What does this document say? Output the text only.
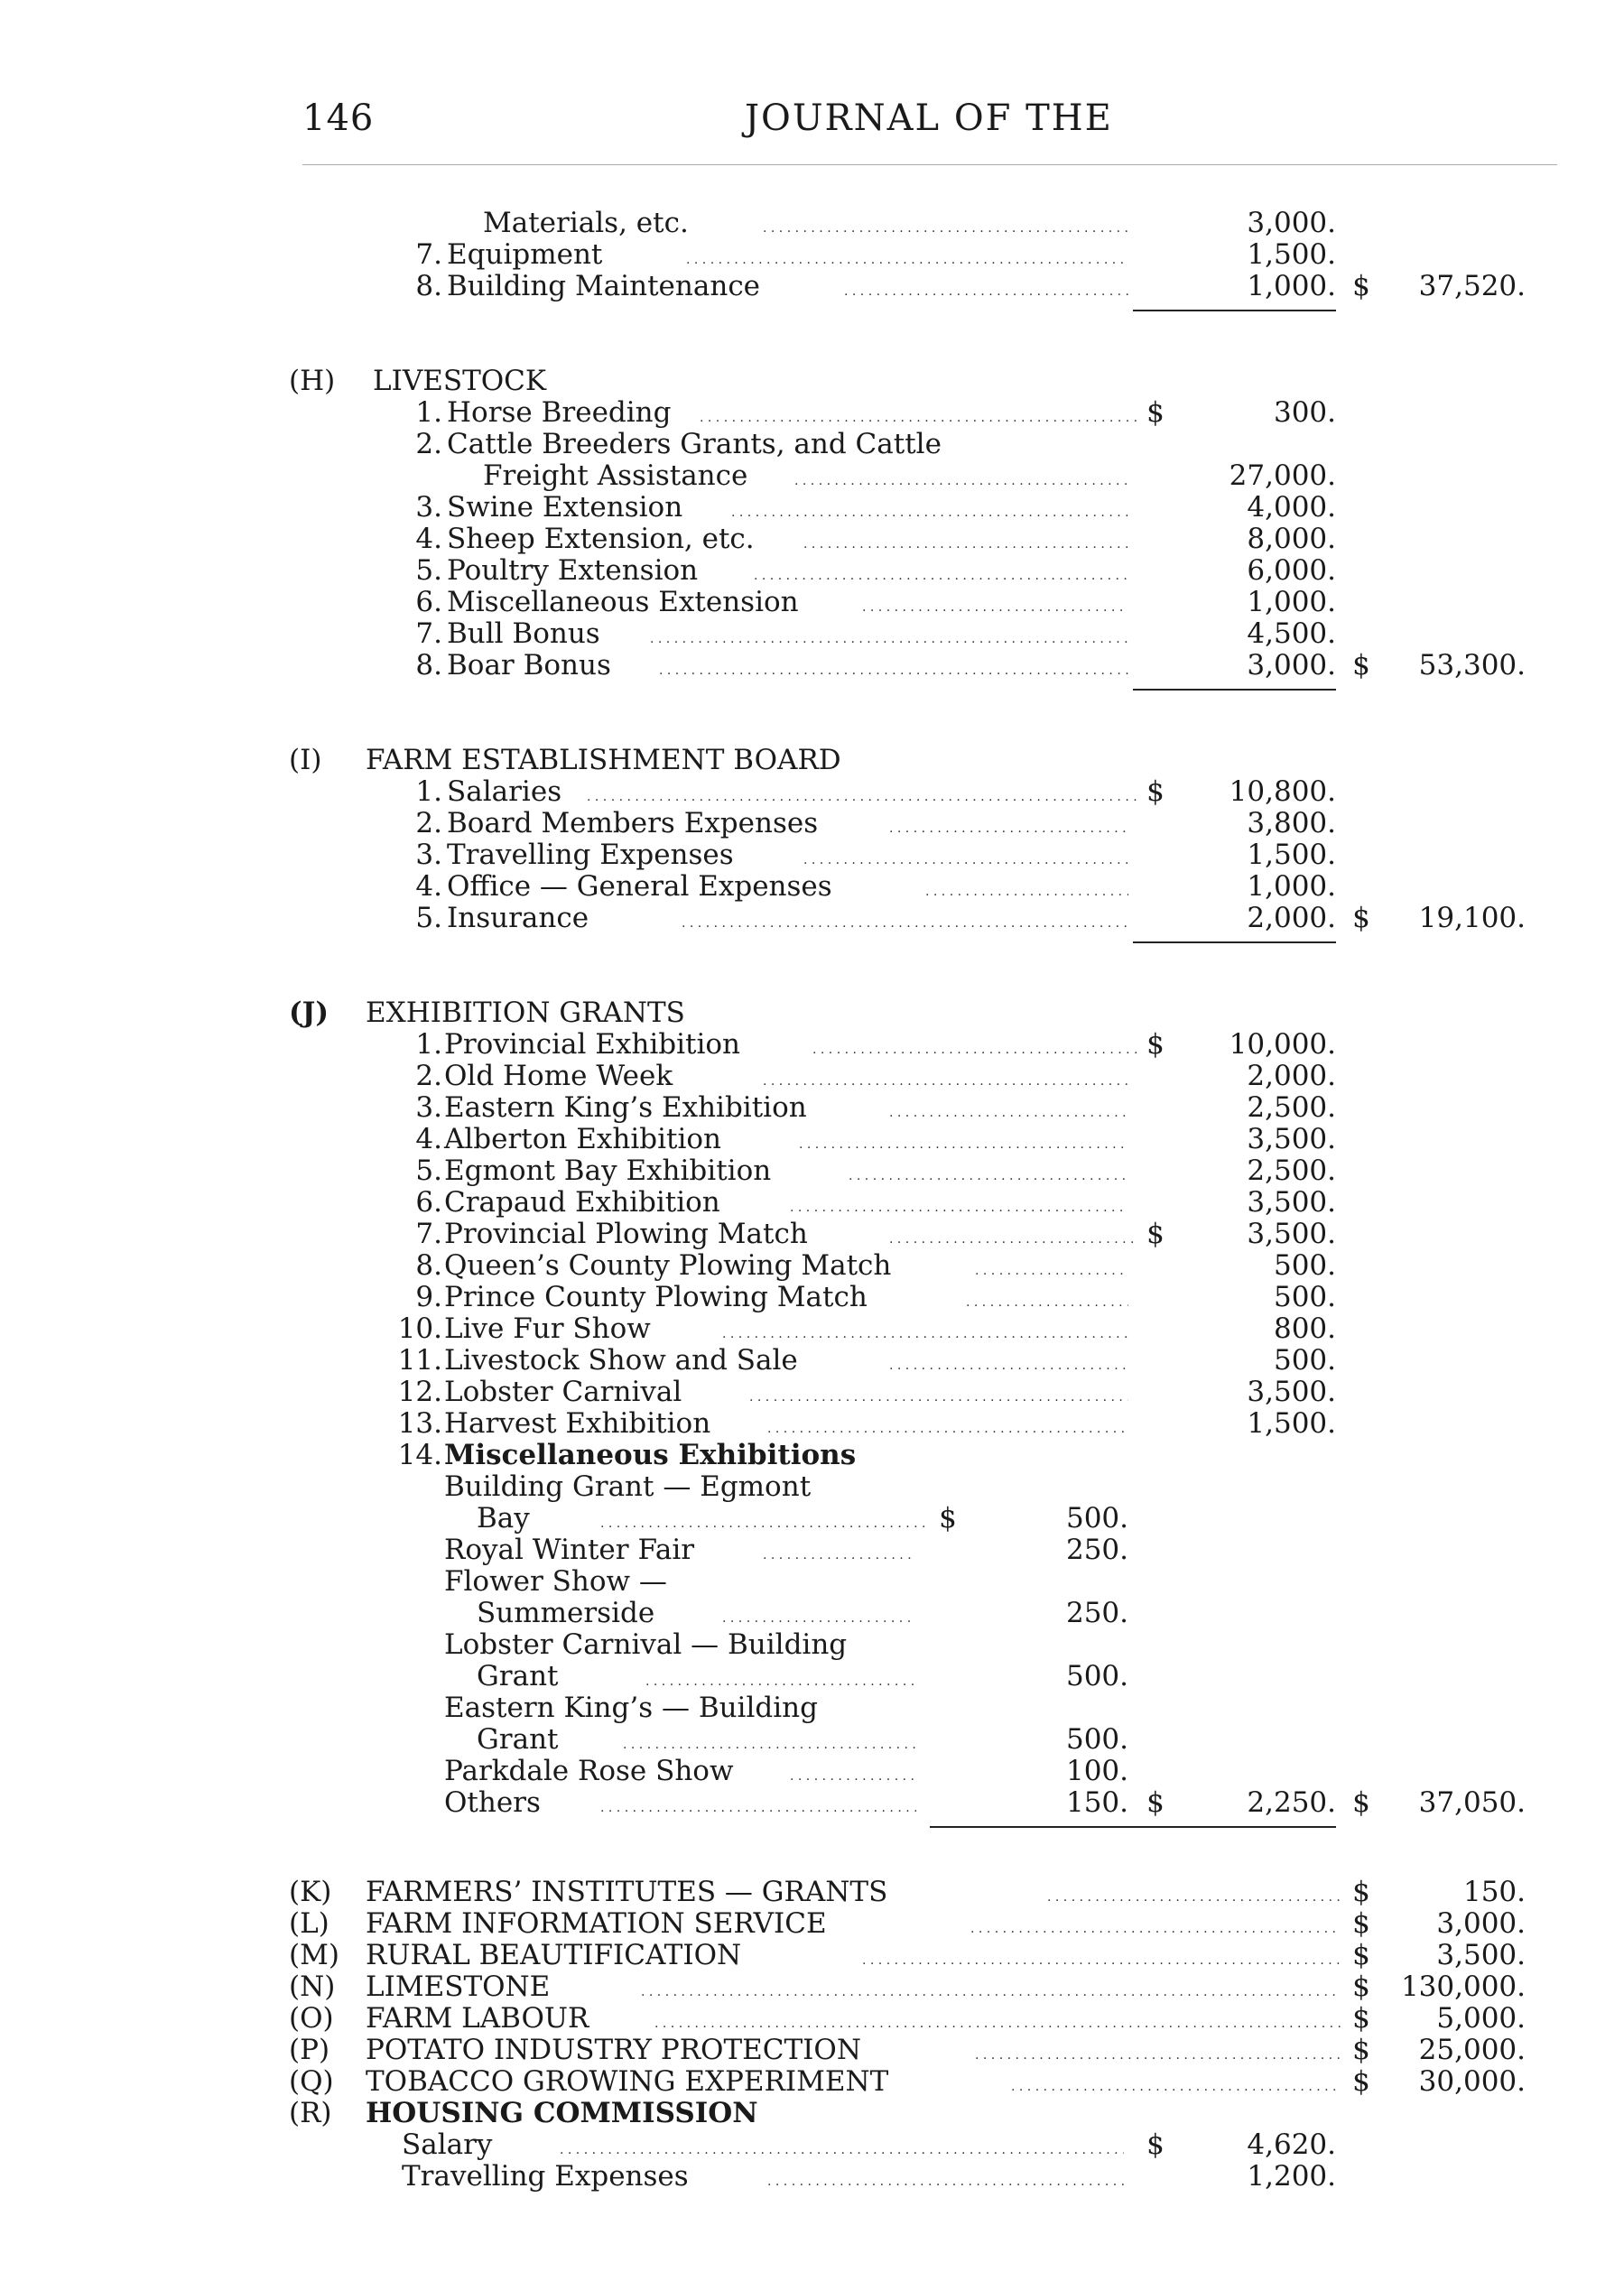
146	JOURNAL OF THE
Materials, etc. . . .	3,000.
7. Equipment . . .	1,500.
8. Building Maintenance . . .	1,000. $	37,520.
(H)	LIVESTOCK
1. Horse Breeding . . .	$	300.
2. Cattle Breeders Grants, and Cattle
Freight Assistance . . .	27,000.
3. Swine Extension . . .	4,000.
4. Sheep Extension, etc. . . .	8,000.
5. Poultry Extension . . .	6,000.
6. Miscellaneous Extension . . .	1,000.
7. Bull Bonus . . .	4,500.
8. Boar Bonus . . .	3,000. $	53,300.
(I)	FARM ESTABLISHMENT BOARD
1. Salaries . . .	$	10,800.
2. Board Members Expenses . . .	3,800.
3. Travelling Expenses . . .	1,500.
4. Office — General Expenses . . .	1,000.
5. Insurance . . .	2,000. $	19,100.
(J)	EXHIBITION GRANTS
1. Provincial Exhibition . . .	$	10,000.
2. Old Home Week . . .	2,000.
3. Eastern King’s Exhibition . . .	2,500.
4. Alberton Exhibition . . .	3,500.
5. Egmont Bay Exhibition . . .	2,500.
6. Crapaud Exhibition . . .	3,500.
7. Provincial Plowing Match . . .	$	3,500.
8. Queen’s County Plowing Match . . .	500.
9. Prince County Plowing Match . . .	500.
10. Live Fur Show . . .	800.
11. Livestock Show and Sale . . .	500.
12. Lobster Carnival . . .	3,500.
13. Harvest Exhibition . . .	1,500.
14. Miscellaneous Exhibitions
Building Grant — Egmont
Bay . . .	$	500.
Royal Winter Fair . . .	250.
Flower Show —
Summerside . . .	250.
Lobster Carnival — Building
Grant . . .	500.
Eastern King’s — Building
Grant . . .	500.
Parkdale Rose Show . . .	100.
Others . . .	150. $	2,250. $	37,050.
(K)	FARMERS’ INSTITUTES — GRANTS . . .	$	150.
(L)	FARM INFORMATION SERVICE . . .	$	3,000.
(M) RURAL BEAUTIFICATION . . .	$	3,500.
(N)	LIMESTONE . . .	$	130,000.
(O)	FARM LABOUR . . .	$	5,000.
(P)	POTATO INDUSTRY PROTECTION . . .	$	25,000.
(Q)	TOBACCO GROWING EXPERIMENT . . .	$	30,000.
(R)	HOUSING COMMISSION
Salary . . .	$	4,620.
Travelling Expenses . . .	1,200.
